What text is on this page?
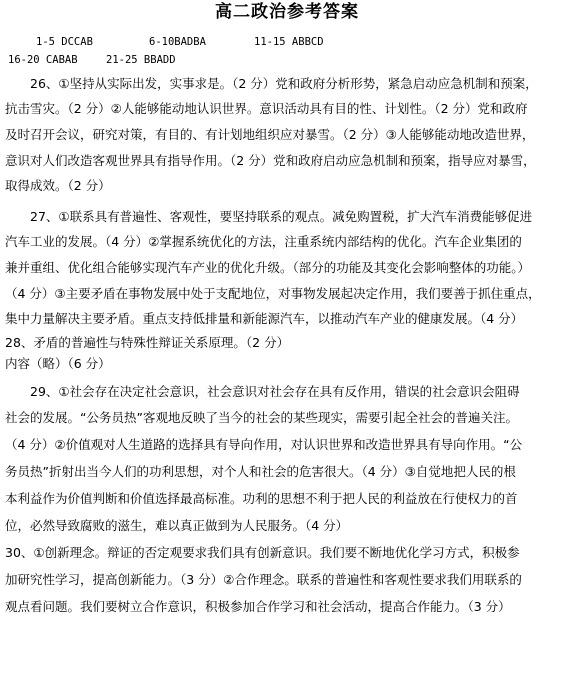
高二政治参考答案
1-5 DCCAB	6-10BADBA	11-15 ABBCD
16-20 CABAB	21-25 BBADD
　　26、①坚持从实际出发，实事求是。（2 分）党和政府分析形势，紧急启动应急机制和预案，
抗击雪灾。（2 分）②人能够能动地认识世界。意识活动具有目的性、计划性。（2 分）党和政府
及时召开会议，研究对策，有目的、有计划地组织应对暴雪。（2 分）③人能够能动地改造世界，
意识对人们改造客观世界具有指导作用。（2 分）党和政府启动应急机制和预案，指导应对暴雪，
取得成效。（2 分）
　　27、①联系具有普遍性、客观性，要坚持联系的观点。减免购置税，扩大汽车消费能够促进
汽车工业的发展。（4 分）②掌握系统优化的方法，注重系统内部结构的优化。汽车企业集团的
兼并重组、优化组合能够实现汽车产业的优化升级。（部分的功能及其变化会影响整体的功能。）
（4 分）③主要矛盾在事物发展中处于支配地位，对事物发展起决定作用，我们要善于抓住重点，
集中力量解决主要矛盾。重点支持低排量和新能源汽车，以推动汽车产业的健康发展。（4 分）
28、矛盾的普遍性与特殊性辩证关系原理。（2 分）
内容（略）（6 分）
　　29、①社会存在决定社会意识，社会意识对社会存在具有反作用，错误的社会意识会阻碍
社会的发展。“公务员热”客观地反映了当今的社会的某些现实，需要引起全社会的普遍关注。
（4 分）②价值观对人生道路的选择具有导向作用，对认识世界和改造世界具有导向作用。“公
务员热”折射出当今人们的功利思想，对个人和社会的危害很大。（4 分）③自觉地把人民的根
本利益作为价值判断和价值选择最高标准。功利的思想不利于把人民的利益放在行使权力的首
位，必然导致腐败的滋生，难以真正做到为人民服务。（4 分）
30、①创新理念。辩证的否定观要求我们具有创新意识。我们要不断地优化学习方式，积极参
加研究性学习，提高创新能力。（3 分）②合作理念。联系的普遍性和客观性要求我们用联系的
观点看问题。我们要树立合作意识，积极参加合作学习和社会活动，提高合作能力。（3 分）
